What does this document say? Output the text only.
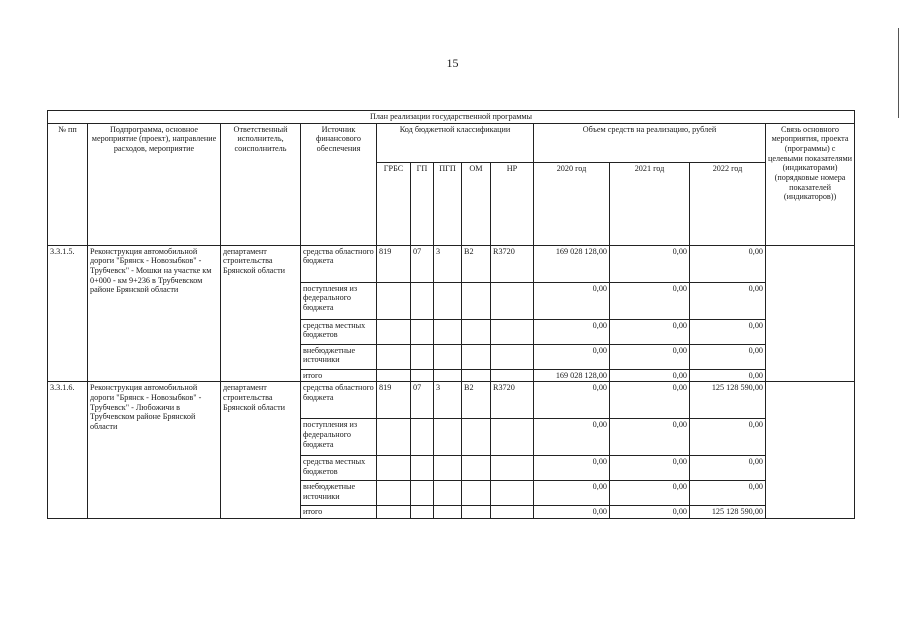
15
План реализации государственной программы												
№ пп	Подпрограмма, основное мероприятие (проект), направление расходов, мероприятие	Ответственный исполнитель, соисполнитель	Источник финансового обеспечения	Код бюджетной классификации					Объем средств на реализацию, рублей			Связь основного мероприятия, проекта (программы) с целевыми показателями (индикаторами) (порядковые номера показателей (индикаторов))
				ГРБС	ГП	ПГП	ОМ	НР	2020 год	2021 год	2022 год	
3.3.1.5.	Реконструкция автомобильной дороги "Брянск - Новозыбков" - Трубчевск" - Мошки на участке км 0+000 - км 9+236 в Трубчевском районе Брянской области	департамент строительства Брянской области	средства областного бюджета	819	07	3	В2	R3720	169 028 128,00	0,00	0,00	
			поступления из федерального бюджета						0,00	0,00	0,00	
			средства местных бюджетов						0,00	0,00	0,00	
			внебюджетные источники						0,00	0,00	0,00	
			итого						169 028 128,00	0,00	0,00	
3.3.1.6.	Реконструкция автомобильной дороги "Брянск - Новозыбков" - Трубчевск" - Любожичи в Трубчевском районе Брянской области	департамент строительства Брянской области	средства областного бюджета	819	07	3	В2	R3720	0,00	0,00	125 128 590,00	
			поступления из федерального бюджета						0,00	0,00	0,00	
			средства местных бюджетов						0,00	0,00	0,00	
			внебюджетные источники						0,00	0,00	0,00	
			итого						0,00	0,00	125 128 590,00	
